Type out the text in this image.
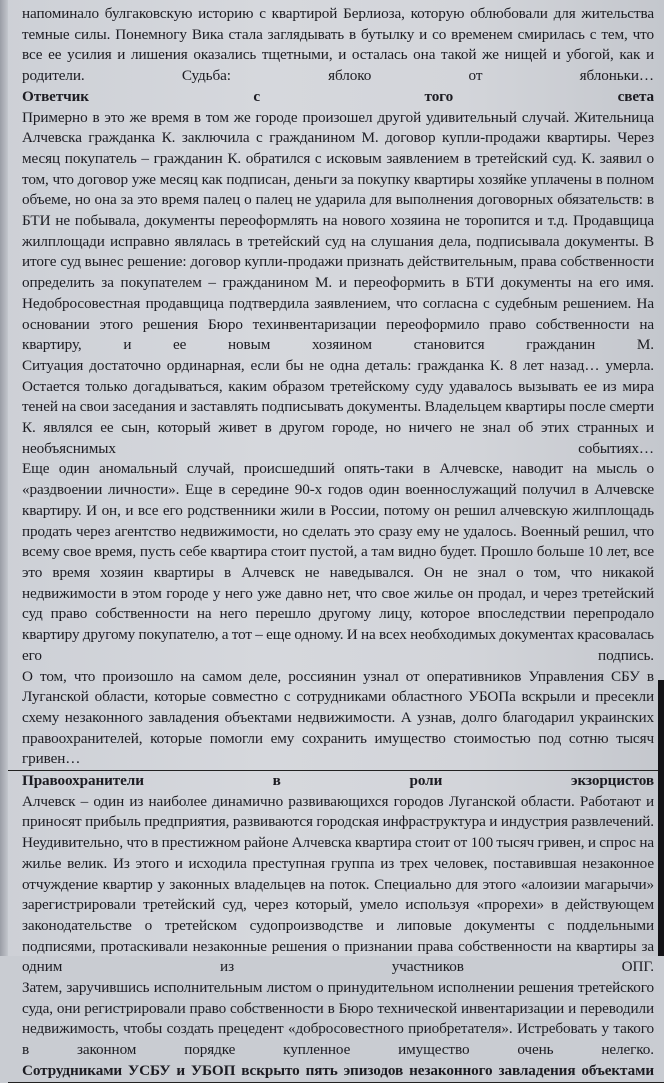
напоминало булгаковскую историю с квартирой Берлиоза, которую облюбовали для жительства темные силы. Понемногу Вика стала заглядывать в бутылку и со временем смирилась с тем, что все ее усилия и лишения оказались тщетными, и осталась она такой же нищей и убогой, как и родители. Судьба: яблоко от яблоньки…

Ответчик с того света

Примерно в это же время в том же городе произошел другой удивительный случай. Жительница Алчевска гражданка К. заключила с гражданином М. договор купли-продажи квартиры. Через месяц покупатель – гражданин К. обратился с исковым заявлением в третейский суд. К. заявил о том, что договор уже месяц как подписан, деньги за покупку квартиры хозяйке уплачены в полном объеме, но она за это время палец о палец не ударила для выполнения договорных обязательств: в БТИ не побывала, документы переоформлять на нового хозяина не торопится и т.д. Продавщица жилплощади исправно являлась в третейский суд на слушания дела, подписывала документы. В итоге суд вынес решение: договор купли-продажи признать действительным, права собственности определить за покупателем – гражданином М. и переоформить в БТИ документы на его имя.

Недобросовестная продавщица подтвердила заявлением, что согласна с судебным решением. На основании этого решения Бюро техинвентаризации переоформило право собственности на квартиру, и ее новым хозяином становится гражданин М.

Ситуация достаточно ординарная, если бы не одна деталь: гражданка К. 8 лет назад… умерла. Остается только догадываться, каким образом третейскому суду удавалось вызывать ее из мира теней на свои заседания и заставлять подписывать документы. Владельцем квартиры после смерти К. являлся ее сын, который живет в другом городе, но ничего не знал об этих странных и необъяснимых событиях…

Еще один аномальный случай, происшедший опять-таки в Алчевске, наводит на мысль о «раздвоении личности». Еще в середине 90-х годов один военнослужащий получил в Алчевске квартиру. И он, и все его родственники жили в России, потому он решил алчевскую жилплощадь продать через агентство недвижимости, но сделать это сразу ему не удалось. Военный решил, что всему свое время, пусть себе квартира стоит пустой, а там видно будет. Прошло больше 10 лет, все это время хозяин квартиры в Алчевск не наведывался. Он не знал о том, что никакой недвижимости в этом городе у него уже давно нет, что свое жилье он продал, и через третейский суд право собственности на него перешло другому лицу, которое впоследствии перепродало квартиру другому покупателю, а тот – еще одному. И на всех необходимых документах красовалась его подпись.

О том, что произошло на самом деле, россиянин узнал от оперативников Управления СБУ в Луганской области, которые совместно с сотрудниками областного УБОПа вскрыли и пресекли схему незаконного завладения объектами недвижимости. А узнав, долго благодарил украинских правоохранителей, которые помогли ему сохранить имущество стоимостью под сотню тысяч гривен…

Правоохранители в роли экзорцистов

Алчевск – один из наиболее динамично развивающихся городов Луганской области. Работают и приносят прибыль предприятия, развиваются городская инфраструктура и индустрия развлечений. Неудивительно, что в престижном районе Алчевска квартира стоит от 100 тысяч гривен, и спрос на жилье велик. Из этого и исходила преступная группа из трех человек, поставившая незаконное отчуждение квартир у законных владельцев на поток. Специально для этого «алоизии магарычи» зарегистрировали третейский суд, через который, умело используя «прорехи» в действующем законодательстве о третейском судопроизводстве и липовые документы с поддельными подписями, протаскивали незаконные решения о признании права собственности на квартиры за одним из участников ОПГ.

Затем, заручившись исполнительным листом о принудительном исполнении решения третейского суда, они регистрировали право собственности в Бюро технической инвентаризации и переводили недвижимость, чтобы создать прецедент «добросовестного приобретателя». Истребовать у такого в законном порядке купленное имущество очень нелегко.

Сотрудниками УСБУ и УБОП вскрыто пять эпизодов незаконного завладения объектами
